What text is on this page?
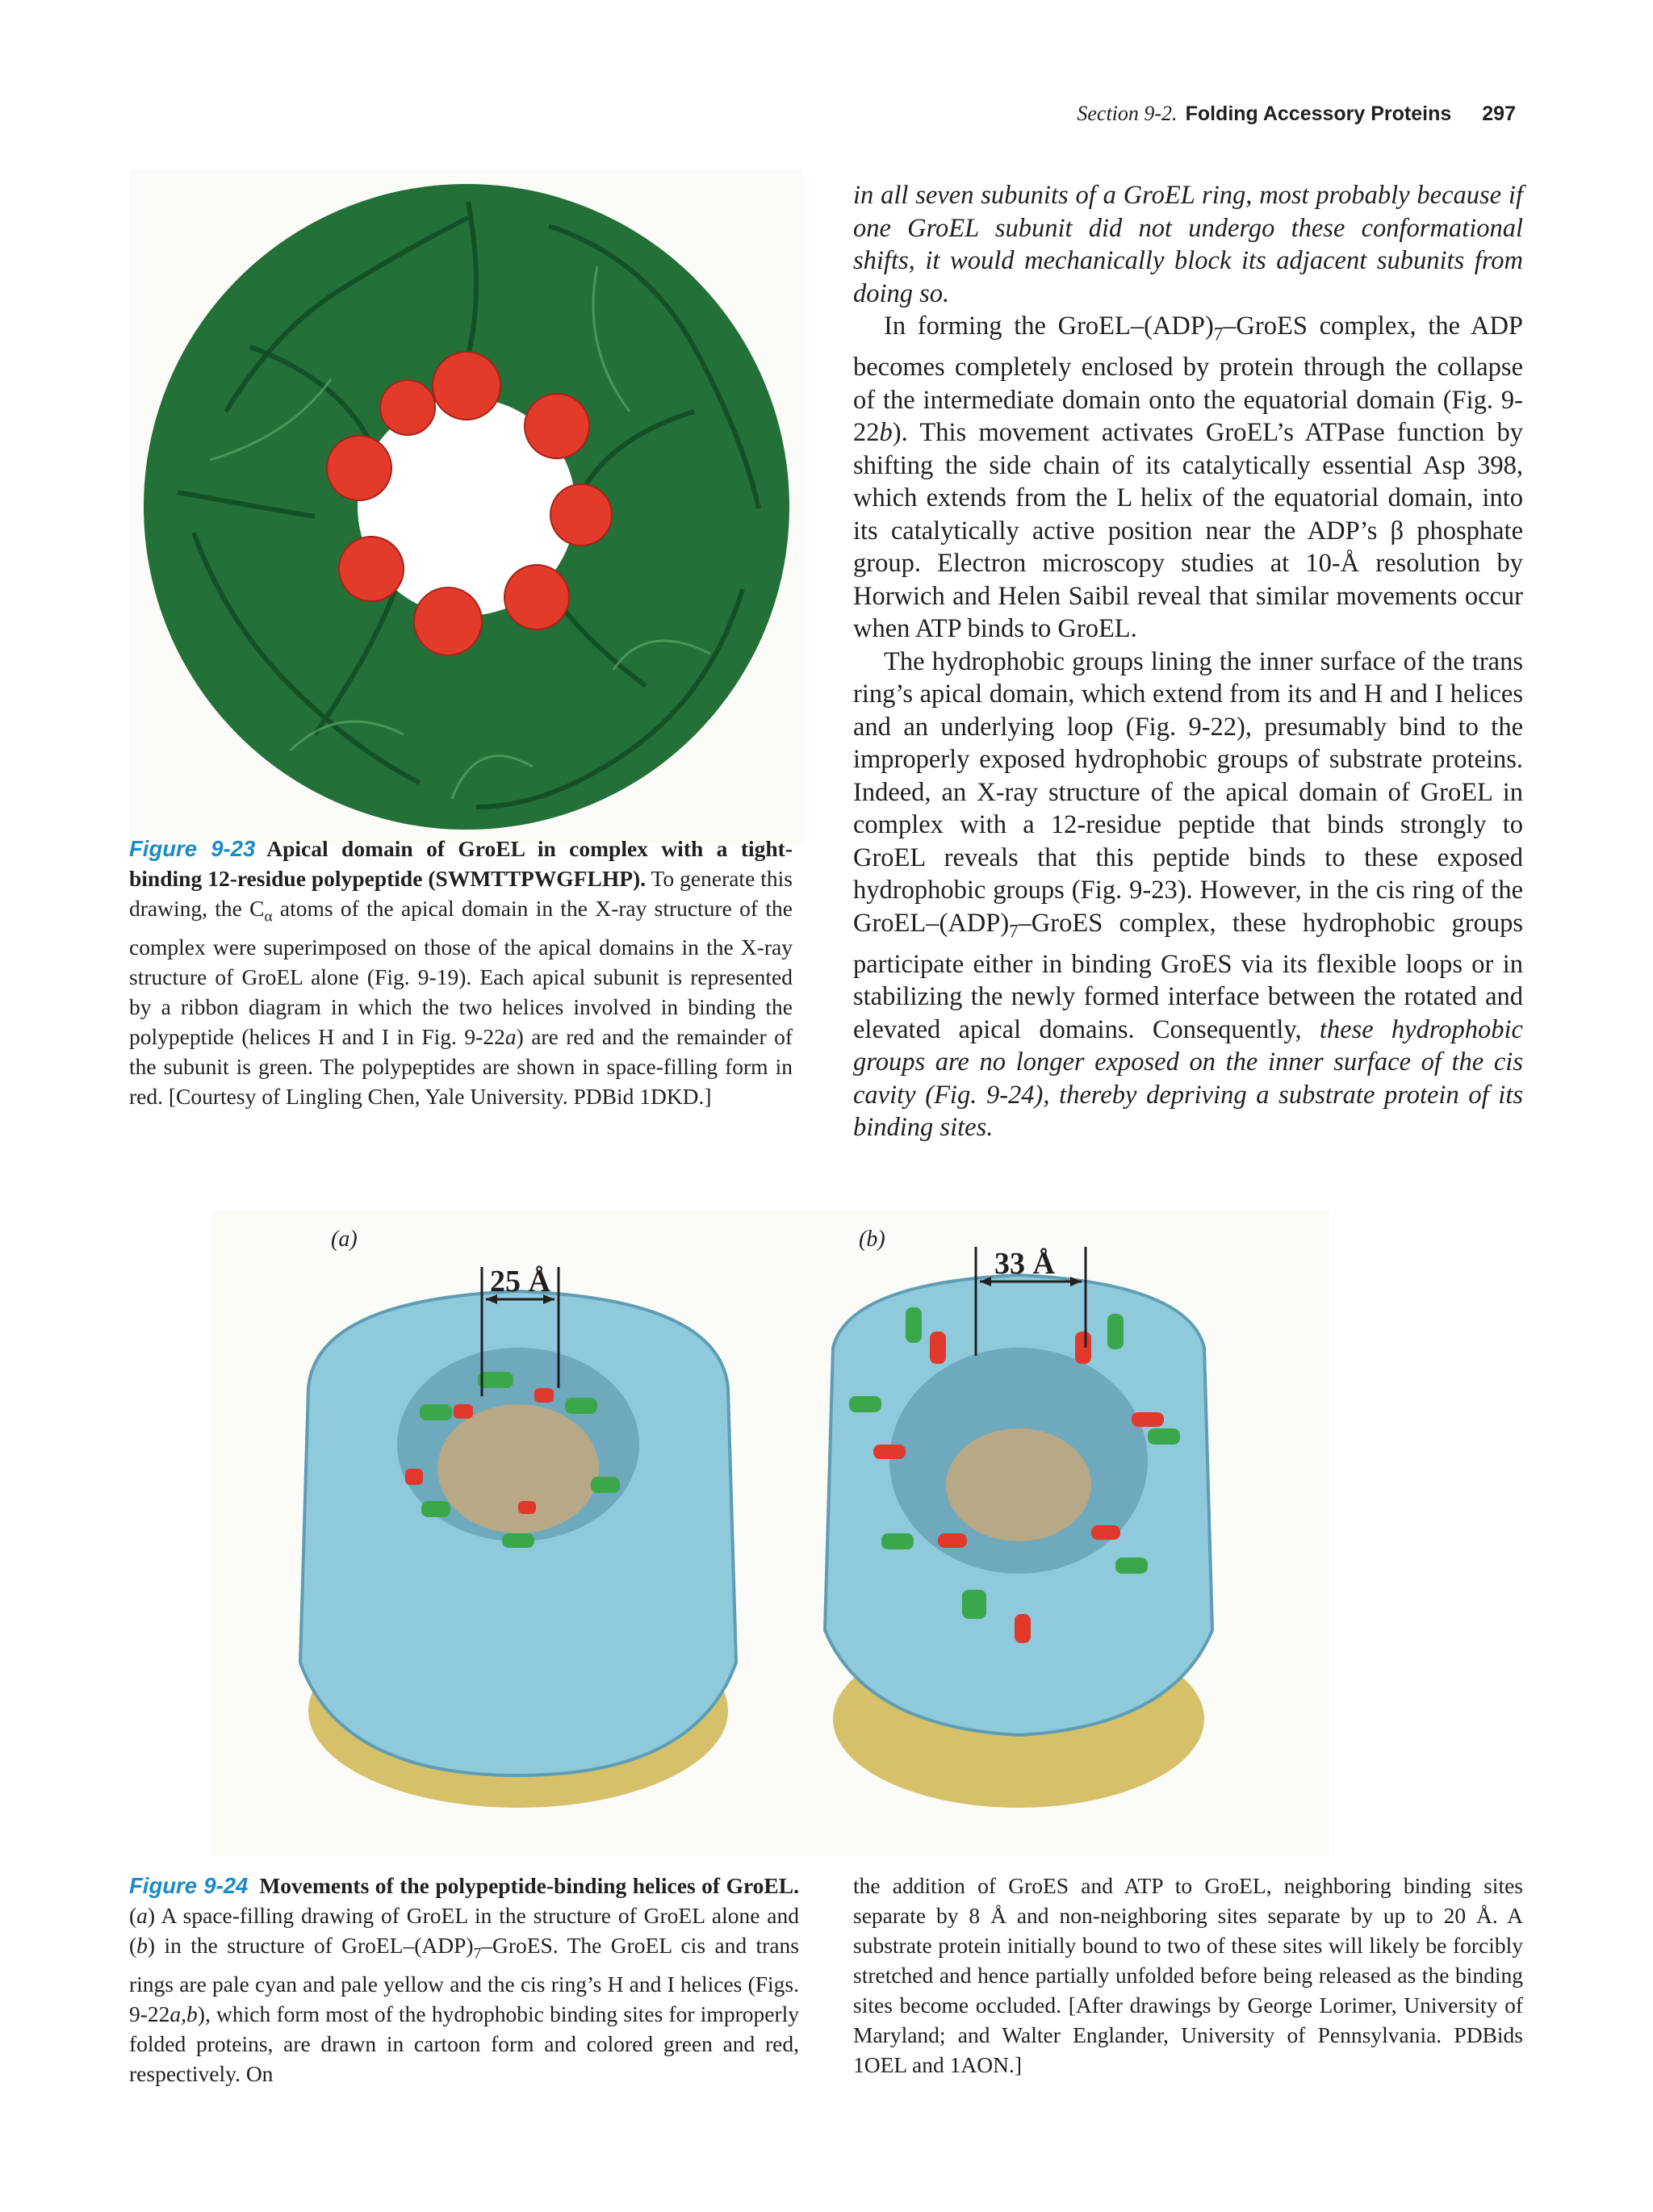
Section 9-2. Folding Accessory Proteins 297

in all seven subunits of a GroEL ring, most probably because if one GroEL subunit did not undergo these conformational shifts, it would mechanically block its adjacent subunits from doing so.

In forming the GroEL–$(ADP)_7$–GroES complex, the ADP becomes completely enclosed by protein through the collapse of the intermediate domain onto the equatorial domain (Fig. 9-22b). This movement activates GroEL’s ATPase function by shifting the side chain of its catalytically essential Asp 398, which extends from the L helix of the equatorial domain, into its catalytically active position near the ADP’s β phosphate group. Electron microscopy studies at 10-Å resolution by Horwich and Helen Saibil reveal that similar movements occur when ATP binds to GroEL.

The hydrophobic groups lining the inner surface of the trans ring’s apical domain, which extend from its and H and I helices and an underlying loop (Fig. 9-22), presumably bind to the improperly exposed hydrophobic groups of substrate proteins. Indeed, an X-ray structure of the apical domain of GroEL in complex with a 12-residue peptide that binds strongly to GroEL reveals that this peptide binds to these exposed hydrophobic groups (Fig. 9-23). However, in the cis ring of the GroEL–$(ADP)_7$–GroES complex, these hydrophobic groups participate either in binding GroES via its flexible loops or in stabilizing the newly formed interface between the rotated and elevated apical domains. Consequently, these hydrophobic groups are no longer exposed on the inner surface of the cis cavity (Fig. 9-24), thereby depriving a substrate protein of its binding sites.

Figure 9-23 Apical domain of GroEL in complex with a tight-binding 12-residue polypeptide (SWMTTPWGFLHP). To generate this drawing, the $C_\alpha$ atoms of the apical domain in the X-ray structure of the complex were superimposed on those of the apical domains in the X-ray structure of GroEL alone (Fig. 9-19). Each apical subunit is represented by a ribbon diagram in which the two helices involved in binding the polypeptide (helices H and I in Fig. 9-22a) are red and the remainder of the subunit is green. The polypeptides are shown in space-filling form in red. [Courtesy of Lingling Chen, Yale University. PDBid 1DKD.]
(a)	(b)
25 Å
33 Å
Figure 9-24 Movements of the polypeptide-binding helices of GroEL. (a) A space-filling drawing of GroEL in the structure of GroEL alone and (b) in the structure of GroEL–$(ADP)_7$–GroES. The GroEL cis and trans rings are pale cyan and pale yellow and the cis ring’s H and I helices (Figs. 9-22a,b), which form most of the hydrophobic binding sites for improperly folded proteins, are drawn in cartoon form and colored green and red, respectively. On
the addition of GroES and ATP to GroEL, neighboring binding sites separate by 8 Å and non-neighboring sites separate by up to 20 Å. A substrate protein initially bound to two of these sites will likely be forcibly stretched and hence partially unfolded before being released as the binding sites become occluded. [After drawings by George Lorimer, University of Maryland; and Walter Englander, University of Pennsylvania. PDBids 1OEL and 1AON.]
